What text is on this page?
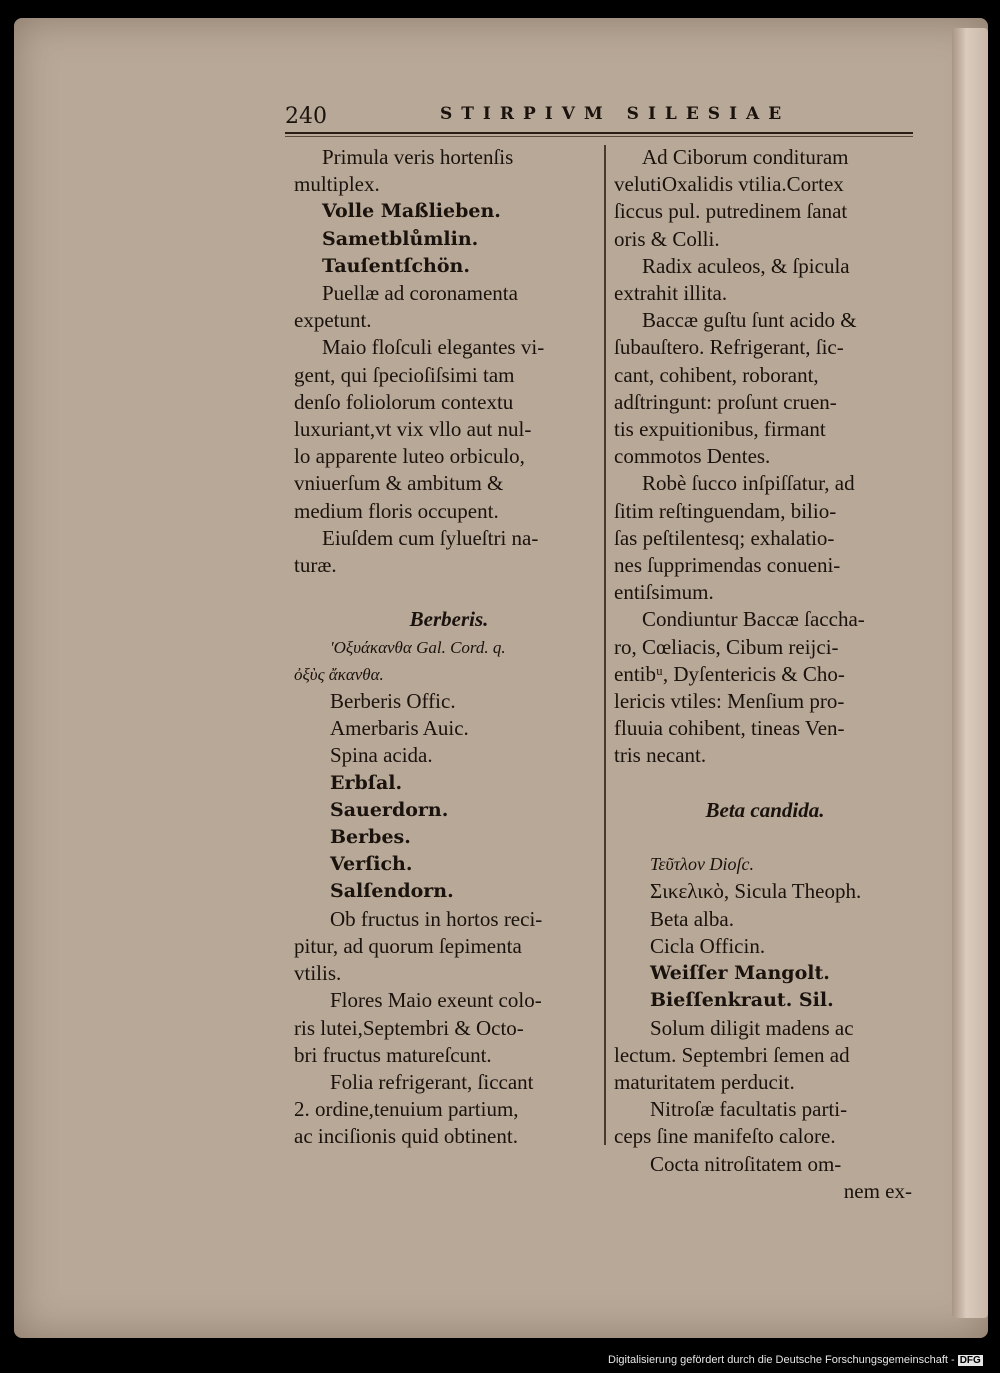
240	STIRPIVM SILESIAE
Primula veris hortenſis
multiplex.
Volle Maßlieben.
Sametblůmlin.
Tauſentſchön.
Puellæ ad coronamenta
expetunt.
Maio floſculi elegantes vi-
gent, qui ſpecioſiſsimi tam
denſo foliolorum contextu
luxuriant,vt vix vllo aut nul-
lo apparente luteo orbiculo,
vniuerſum & ambitum &
medium floris occupent.
Eiuſdem cum ſylueſtri na-
turæ.

Berberis.
'Οξυάκανθα Gal. Cord. q.
ὀξὺς ἄκανθα.
Berberis Offic.
Amerbaris Auic.
Spina acida.
Erbſal.
Sauerdorn.
Berbes.
Verſich.
Salſendorn.
Ob fructus in hortos reci-
pitur, ad quorum ſepimenta
vtilis.
Flores Maio exeunt colo-
ris lutei,Septembri & Octo-
bri fructus matureſcunt.
Folia refrigerant, ſiccant
2. ordine,tenuium partium,
ac inciſionis quid obtinent.
Ad Ciborum condituram
velutiOxalidis vtilia.Cortex
ſiccus pul. putredinem ſanat
oris & Colli.
Radix aculeos, & ſpicula
extrahit illita.
Baccæ guſtu ſunt acido &
ſubauſtero. Refrigerant, ſic-
cant, cohibent, roborant,
adſtringunt: proſunt cruen-
tis expuitionibus, firmant
commotos Dentes.
Robè ſucco inſpiſſatur, ad
ſitim reſtinguendam, bilio-
ſas peſtilentesq; exhalatio-
nes ſupprimendas conueni-
entiſsimum.
Condiuntur Baccæ ſaccha-
ro, Cœliacis, Cibum reijci-
entibᵘ, Dyſentericis & Cho-
lericis vtiles: Menſium pro-
fluuia cohibent, tineas Ven-
tris necant.

Beta candida.

Τεῦτλον Dioſc.
Σικελικὸ, Sicula Theoph.
Beta alba.
Cicla Officin.
Weiſſer Mangolt.
Bieſſenkraut. Sil.
Solum diligit madens ac
lectum. Septembri ſemen ad
maturitatem perducit.
Nitroſæ facultatis parti-
ceps ſine manifeſto calore.
Cocta nitroſitatem om-
nem ex-
Digitalisierung gefördert durch die Deutsche Forschungsgemeinschaft - DFG
